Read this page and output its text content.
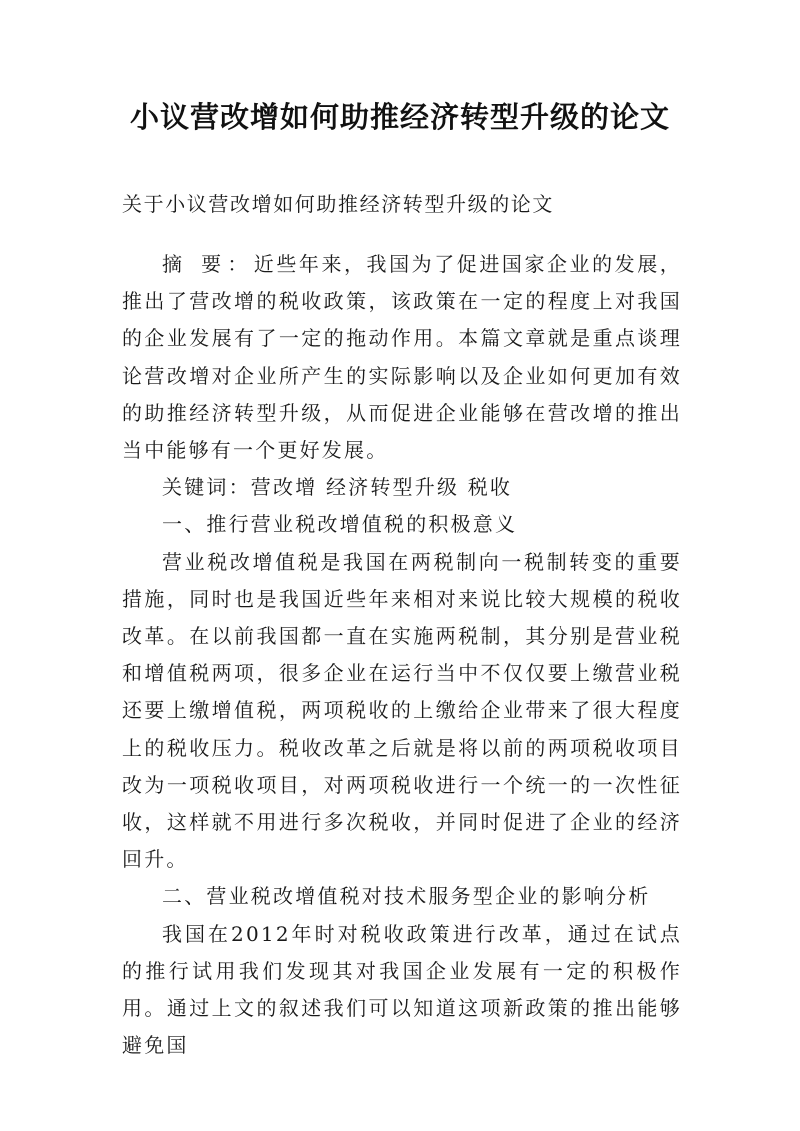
小议营改增如何助推经济转型升级的论文

关于小议营改增如何助推经济转型升级的论文

摘 要：近些年来，我国为了促进国家企业的发展，推出了营改增的税收政策，该政策在一定的程度上对我国的企业发展有了一定的拖动作用。本篇文章就是重点谈理论营改增对企业所产生的实际影响以及企业如何更加有效的助推经济转型升级，从而促进企业能够在营改增的推出当中能够有一个更好发展。

关键词：营改增 经济转型升级 税收

一、推行营业税改增值税的积极意义

营业税改增值税是我国在两税制向一税制转变的重要措施，同时也是我国近些年来相对来说比较大规模的税收改革。在以前我国都一直在实施两税制，其分别是营业税和增值税两项，很多企业在运行当中不仅仅要上缴营业税还要上缴增值税，两项税收的上缴给企业带来了很大程度上的税收压力。税收改革之后就是将以前的两项税收项目改为一项税收项目，对两项税收进行一个统一的一次性征收，这样就不用进行多次税收，并同时促进了企业的经济回升。

二、营业税改增值税对技术服务型企业的影响分析

我国在2012年时对税收政策进行改革，通过在试点的推行试用我们发现其对我国企业发展有一定的积极作用。通过上文的叙述我们可以知道这项新政策的推出能够避免国
